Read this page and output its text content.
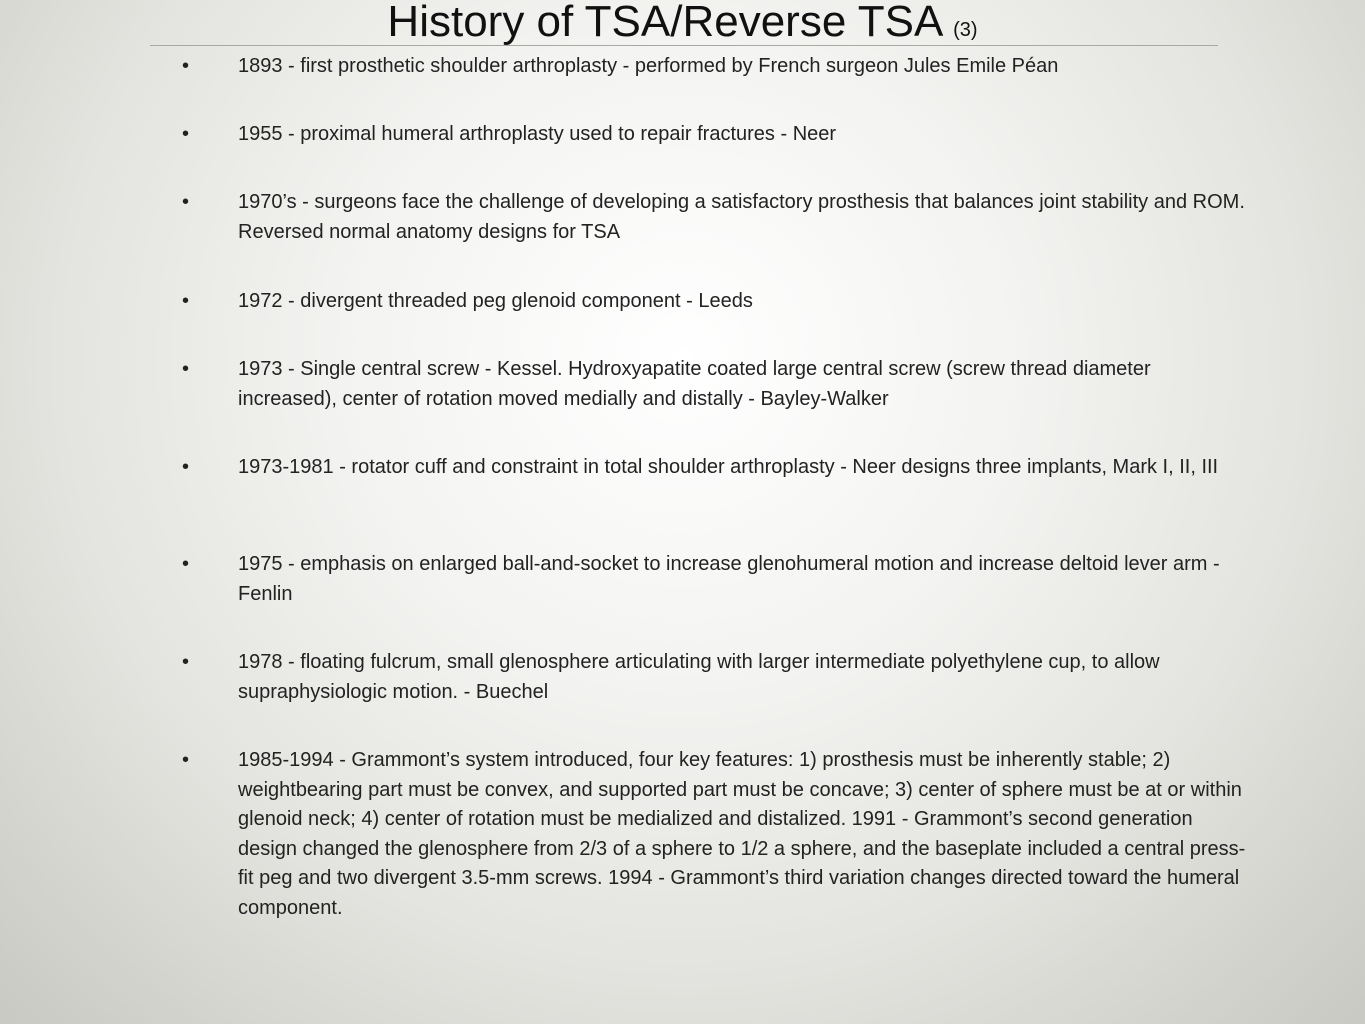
History of TSA/Reverse TSA (3)
• 1893 - first prosthetic shoulder arthroplasty - performed by French surgeon Jules Emile Péan
• 1955 - proximal humeral arthroplasty used to repair fractures - Neer
• 1970’s - surgeons face the challenge of developing a satisfactory prosthesis that balances joint stability and ROM. Reversed normal anatomy designs for TSA
• 1972 - divergent threaded peg glenoid component - Leeds
• 1973 - Single central screw - Kessel. Hydroxyapatite coated large central screw (screw thread diameter increased), center of rotation moved medially and distally - Bayley-Walker
• 1973-1981 - rotator cuff and constraint in total shoulder arthroplasty - Neer designs three implants, Mark I, II, III
• 1975 - emphasis on enlarged ball-and-socket to increase glenohumeral motion and increase deltoid lever arm - Fenlin
• 1978 - floating fulcrum, small glenosphere articulating with larger intermediate polyethylene cup, to allow supraphysiologic motion. - Buechel
• 1985-1994 - Grammont’s system introduced, four key features: 1) prosthesis must be inherently stable; 2) weightbearing part must be convex, and supported part must be concave; 3) center of sphere must be at or within glenoid neck; 4) center of rotation must be medialized and distalized. 1991 - Grammont’s second generation design changed the glenosphere from 2/3 of a sphere to 1/2 a sphere, and the baseplate included a central press-fit peg and two divergent 3.5-mm screws. 1994 - Grammont’s third variation changes directed toward the humeral component.
